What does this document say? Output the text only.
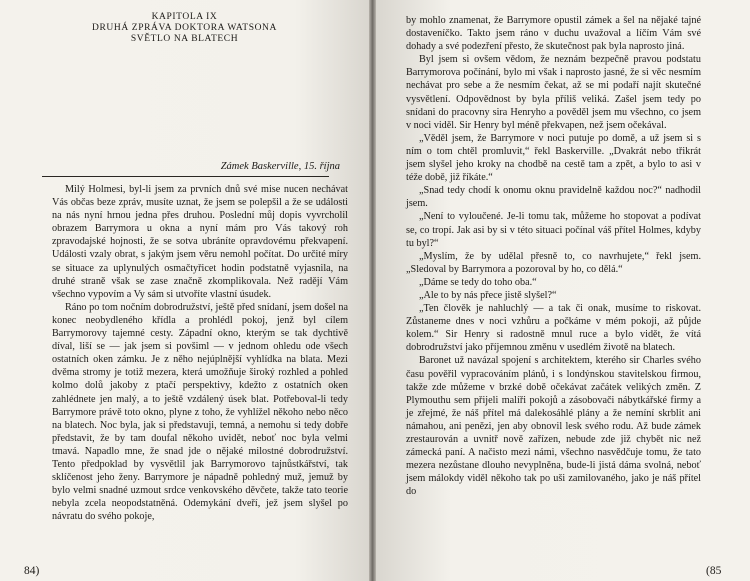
KAPITOLA IX
DRUHÁ ZPRÁVA DOKTORA WATSONA
SVĚTLO NA BLATECH
Zámek Baskerville, 15. října

Milý Holmesi, byl-li jsem za prvních dnů své mise nucen nechávat Vás občas beze zpráv, musíte uznat, že jsem se polepšil a že se události na nás nyní hrnou jedna přes druhou. Poslední můj dopis vyvrcholil obrazem Barrymora u okna a nyní mám pro Vás takový roh zpravodajské hojnosti, že se sotva ubráníte opravdovému překvapení. Události vzaly obrat, s jakým jsem věru nemohl počítat. Do určité míry se situace za uplynulých osmačtyřicet hodin podstatně vyjasnila, na druhé straně však se zase značně zkomplikovala. Než radějí Vám všechno vypovím a Vy sám si utvoříte vlastní úsudek.

Ráno po tom nočním dobrodružství, ještě před snídaní, jsem došel na konec neobydleného křídla a prohlédl pokoj, jenž byl cílem Barrymorovy tajemné cesty. Západní okno, kterým se tak dychtivě díval, liší se — jak jsem si povšiml — v jednom ohledu ode všech ostatních oken zámku. Je z něho nejúplnější vyhlídka na blata. Mezi dvěma stromy je totiž mezera, která umožňuje široký rozhled a pohled kolmo dolů jakoby z ptačí perspektivy, kdežto z ostatních oken zahlédnete jen malý, a to ještě vzdálený úsek blat. Potřeboval-li tedy Barrymore právě toto okno, plyne z toho, že vyhlížel někoho nebo něco na blatech. Noc byla, jak si představuji, temná, a nemohu si tedy dobře představit, že by tam doufal někoho uvidět, neboť noc byla velmi tmavá. Napadlo mne, že snad jde o nějaké milostné dobrodružství. Tento předpoklad by vysvětlil jak Barrymorovo tajnůstkářství, tak sklíčenost jeho ženy. Barrymore je nápadně pohledný muž, jemuž by bylo velmi snadné uzmout srdce venkovského děvčete, takže tato teorie nebyla zcela neopodstatněná. Odemykání dveří, jež jsem slyšel po návratu do svého pokoje,

84)

by mohlo znamenat, že Barrymore opustil zámek a šel na nějaké tajné dostaveníčko. Takto jsem ráno v duchu uvažoval a líčím Vám své dohady a své podezření přesto, že skutečnost pak byla naprosto jiná.

Byl jsem si ovšem vědom, že neznám bezpečně pravou podstatu Barrymorova počínání, bylo mi však i naprosto jasné, že si věc nesmím nechávat pro sebe a že nesmím čekat, až se mi podaří najít skutečné vysvětlení. Odpovědnost by byla příliš veliká. Zašel jsem tedy po snídani do pracovny sira Henryho a pověděl jsem mu všechno, co jsem v noci viděl. Sir Henry byl méně překvapen, než jsem očekával.

„Věděl jsem, že Barrymore v noci putuje po domě, a už jsem si s ním o tom chtěl promluvit,“ řekl Baskerville. „Dvakrát nebo třikrát jsem slyšel jeho kroky na chodbě na cestě tam a zpět, a bylo to asi v téže době, již říkáte.“

„Snad tedy chodí k onomu oknu pravidelně každou noc?“ nadhodil jsem.

„Není to vyloučené. Je-li tomu tak, můžeme ho stopovat a podívat se, co tropí. Jak asi by si v této situaci počínal váš přítel Holmes, kdyby tu byl?“

„Myslím, že by udělal přesně to, co navrhujete,“ řekl jsem. „Sledoval by Barrymora a pozoroval by ho, co dělá.“

„Dáme se tedy do toho oba.“

„Ale to by nás přece jistě slyšel?“

„Ten člověk je nahluchlý — a tak či onak, musíme to riskovat. Zůstaneme dnes v noci vzhůru a počkáme v mém pokoji, až půjde kolem.“ Sir Henry si radostně mnul ruce a bylo vidět, že vítá dobrodružství jako příjemnou změnu v usedlém životě na blatech.

Baronet už navázal spojení s architektem, kterého sir Charles svého času pověřil vypracováním plánů, i s londýnskou stavitelskou firmou, takže zde můžeme v brzké době očekávat začátek velikých změn. Z Plymouthu sem přijeli malíři pokojů a zásobovači nábytkářské firmy a je zřejmé, že náš přítel má dalekosáhlé plány a že nemíní skrblit ani námahou, ani penězi, jen aby obnovil lesk svého rodu. Až bude zámek zrestaurován a uvnitř nově zařízen, nebude zde již chybět nic než zámecká paní. A načisto mezi námi, všechno nasvědčuje tomu, že tato mezera nezůstane dlouho nevyplněna, bude-li jistá dáma svolná, neboť jsem málokdy viděl někoho tak po uši zamilovaného, jako je náš přítel do

(85
